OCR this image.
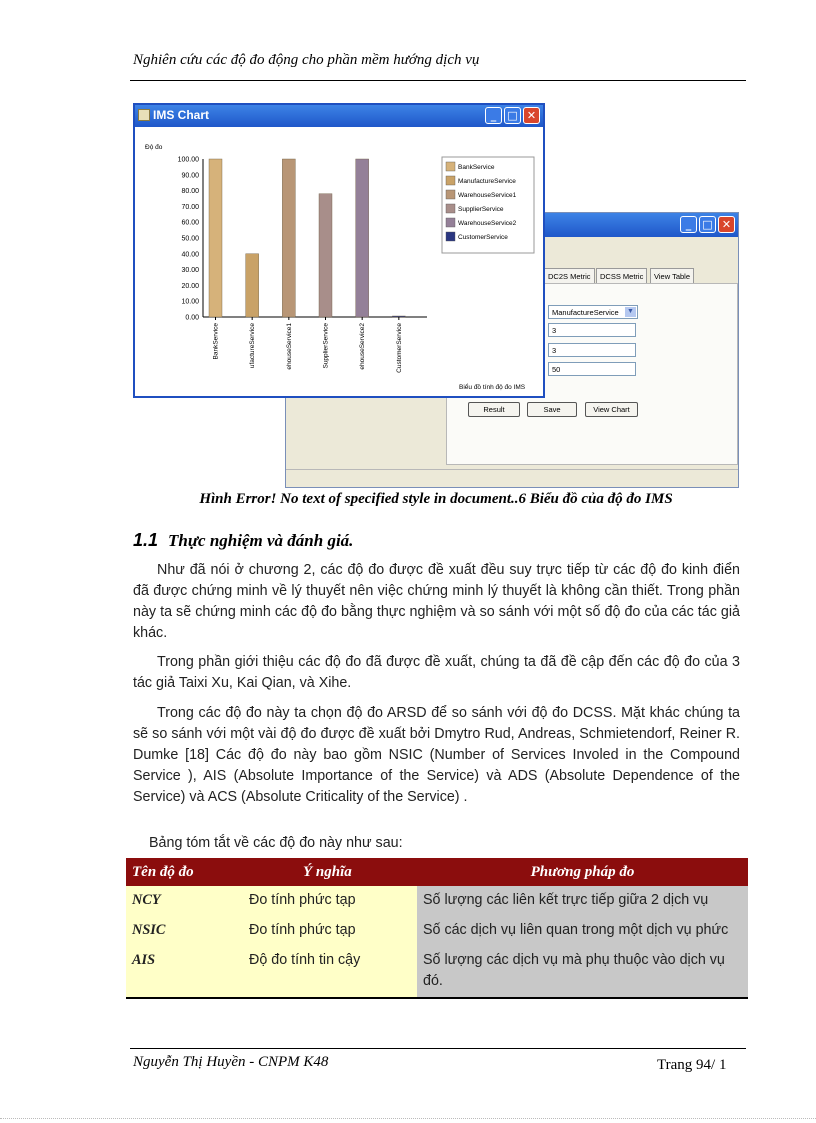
Nghiên cứu các độ đo động cho phần mềm hướng dịch vụ
_	□ ✕
DC2S Metric	DCSS Metric	View Table
ManufactureService ▼
3
3
50
Result	Save	View Chart
IMS Chart	_	□ ✕
Độ đo
0.00
10.00
20.00
30.00
40.00
50.00
60.00
70.00
80.00
90.00
100.00
BankService	ufactureService	ehouseService1	SupplierService	ehouseService2	CustomerService
BankService
ManufactureService
WarehouseService1
SupplierService
WarehouseService2
CustomerService
Biểu đồ tính độ đo IMS
Hình Error! No text of specified style in document..6 Biểu đồ của độ đo IMS
1.1 Thực nghiệm và đánh giá.
Như đã nói ở chương 2, các độ đo được đề xuất đều suy trực tiếp từ các độ đo kinh điển đã được chứng minh về lý thuyết nên việc chứng minh lý thuyết là không cần thiết. Trong phần này ta sẽ chứng minh các độ đo bằng thực nghiệm và so sánh với một số độ đo của các tác giả khác.
Trong phần giới thiệu các độ đo đã được đề xuất, chúng ta đã đề cập đến các độ đo của 3 tác giả Taixi Xu, Kai Qian, và Xihe.
Trong các độ đo này ta chọn độ đo ARSD để so sánh với độ đo DCSS. Mặt khác chúng ta sẽ so sánh với một vài độ đo được đề xuất bởi Dmytro Rud, Andreas, Schmietendorf, Reiner R. Dumke [18] Các độ đo này bao gồm NSIC (Number of Services Involed in the Compound Service ), AIS (Absolute Importance of the Service) và ADS (Absolute Dependence of the Service) và ACS (Absolute Criticality of the Service) .
Bảng tóm tắt về các độ đo này như sau:
Tên độ đo	Ý nghĩa	Phương pháp đo
NCY	Đo tính phức tạp	Số lượng các liên kết trực tiếp giữa 2 dịch vụ
NSIC	Đo tính phức tạp	Số các dịch vụ liên quan trong một dịch vụ phức
AIS	Độ đo tính tin cậy	Số lượng các dịch vụ mà phụ thuộc vào dịch vụ đó.
Nguyễn Thị Huyền - CNPM K48	Trang 94/ 1
